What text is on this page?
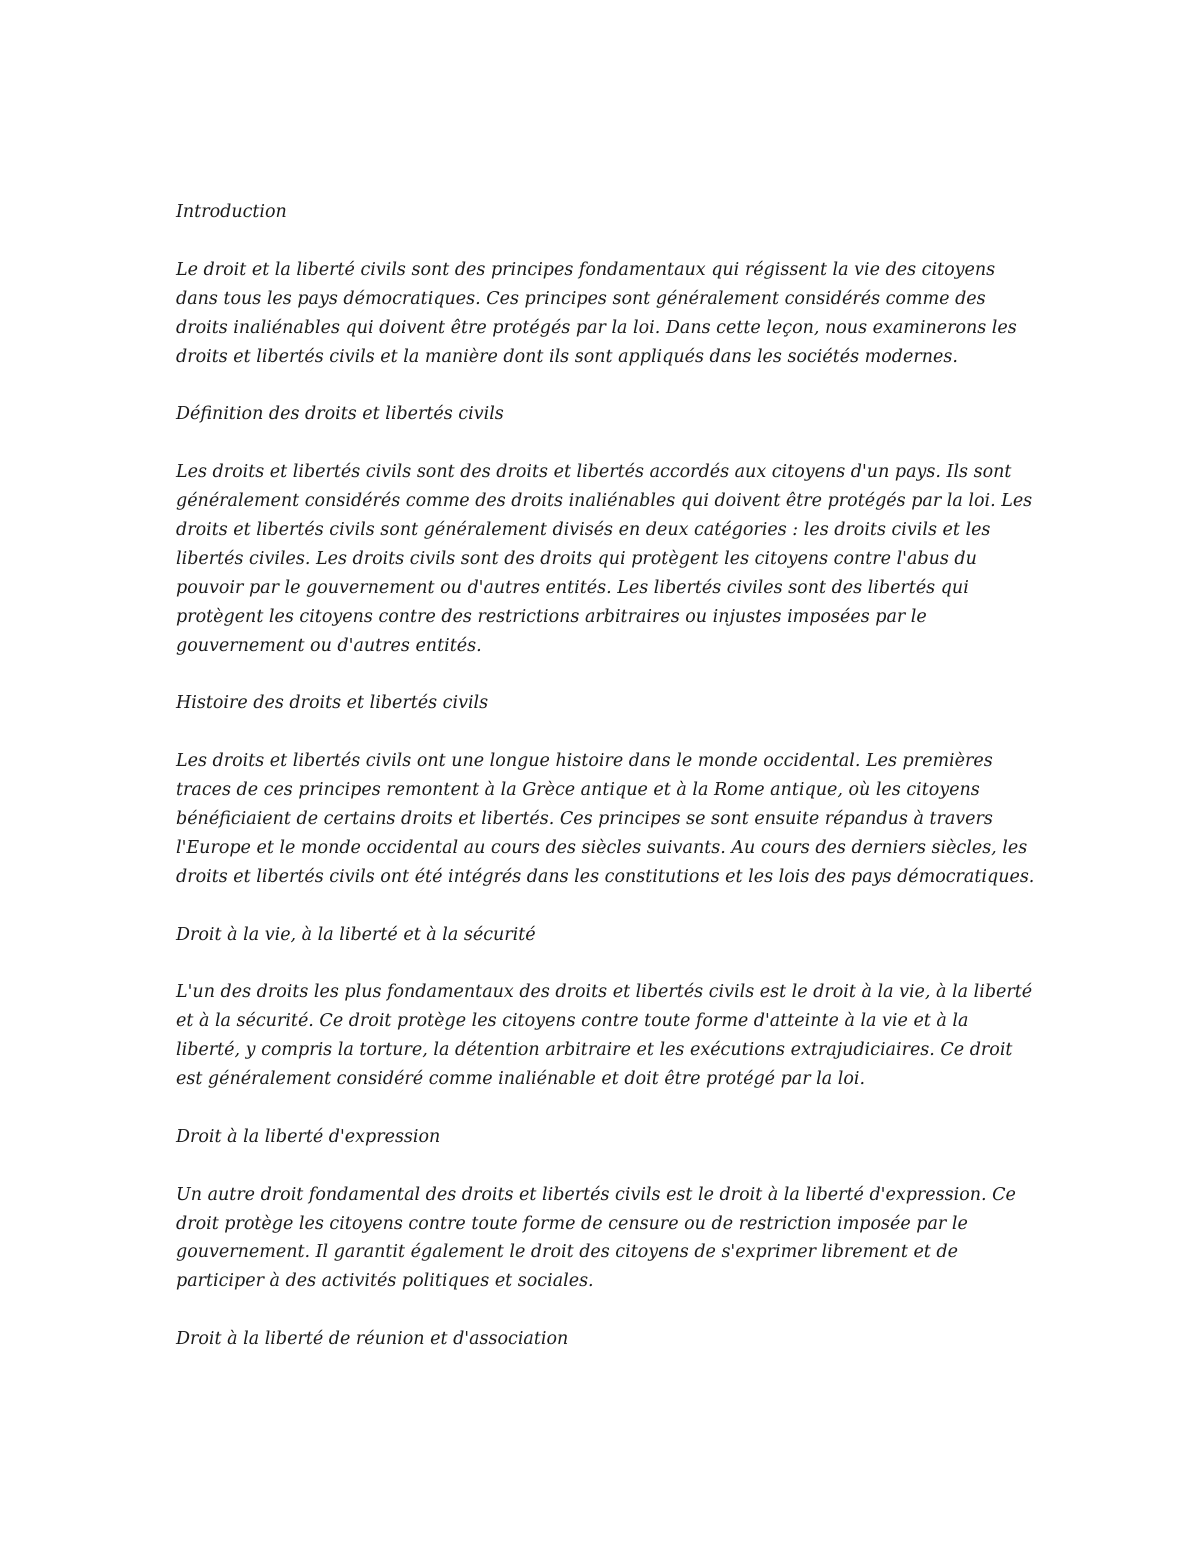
Introduction

Le droit et la liberté civils sont des principes fondamentaux qui régissent la vie des citoyens
dans tous les pays démocratiques. Ces principes sont généralement considérés comme des
droits inaliénables qui doivent être protégés par la loi. Dans cette leçon, nous examinerons les
droits et libertés civils et la manière dont ils sont appliqués dans les sociétés modernes.

Définition des droits et libertés civils

Les droits et libertés civils sont des droits et libertés accordés aux citoyens d'un pays. Ils sont
généralement considérés comme des droits inaliénables qui doivent être protégés par la loi. Les
droits et libertés civils sont généralement divisés en deux catégories : les droits civils et les
libertés civiles. Les droits civils sont des droits qui protègent les citoyens contre l'abus du
pouvoir par le gouvernement ou d'autres entités. Les libertés civiles sont des libertés qui
protègent les citoyens contre des restrictions arbitraires ou injustes imposées par le
gouvernement ou d'autres entités.

Histoire des droits et libertés civils

Les droits et libertés civils ont une longue histoire dans le monde occidental. Les premières
traces de ces principes remontent à la Grèce antique et à la Rome antique, où les citoyens
bénéficiaient de certains droits et libertés. Ces principes se sont ensuite répandus à travers
l'Europe et le monde occidental au cours des siècles suivants. Au cours des derniers siècles, les
droits et libertés civils ont été intégrés dans les constitutions et les lois des pays démocratiques.

Droit à la vie, à la liberté et à la sécurité

L'un des droits les plus fondamentaux des droits et libertés civils est le droit à la vie, à la liberté
et à la sécurité. Ce droit protège les citoyens contre toute forme d'atteinte à la vie et à la
liberté, y compris la torture, la détention arbitraire et les exécutions extrajudiciaires. Ce droit
est généralement considéré comme inaliénable et doit être protégé par la loi.

Droit à la liberté d'expression

Un autre droit fondamental des droits et libertés civils est le droit à la liberté d'expression. Ce
droit protège les citoyens contre toute forme de censure ou de restriction imposée par le
gouvernement. Il garantit également le droit des citoyens de s'exprimer librement et de
participer à des activités politiques et sociales.

Droit à la liberté de réunion et d'association
